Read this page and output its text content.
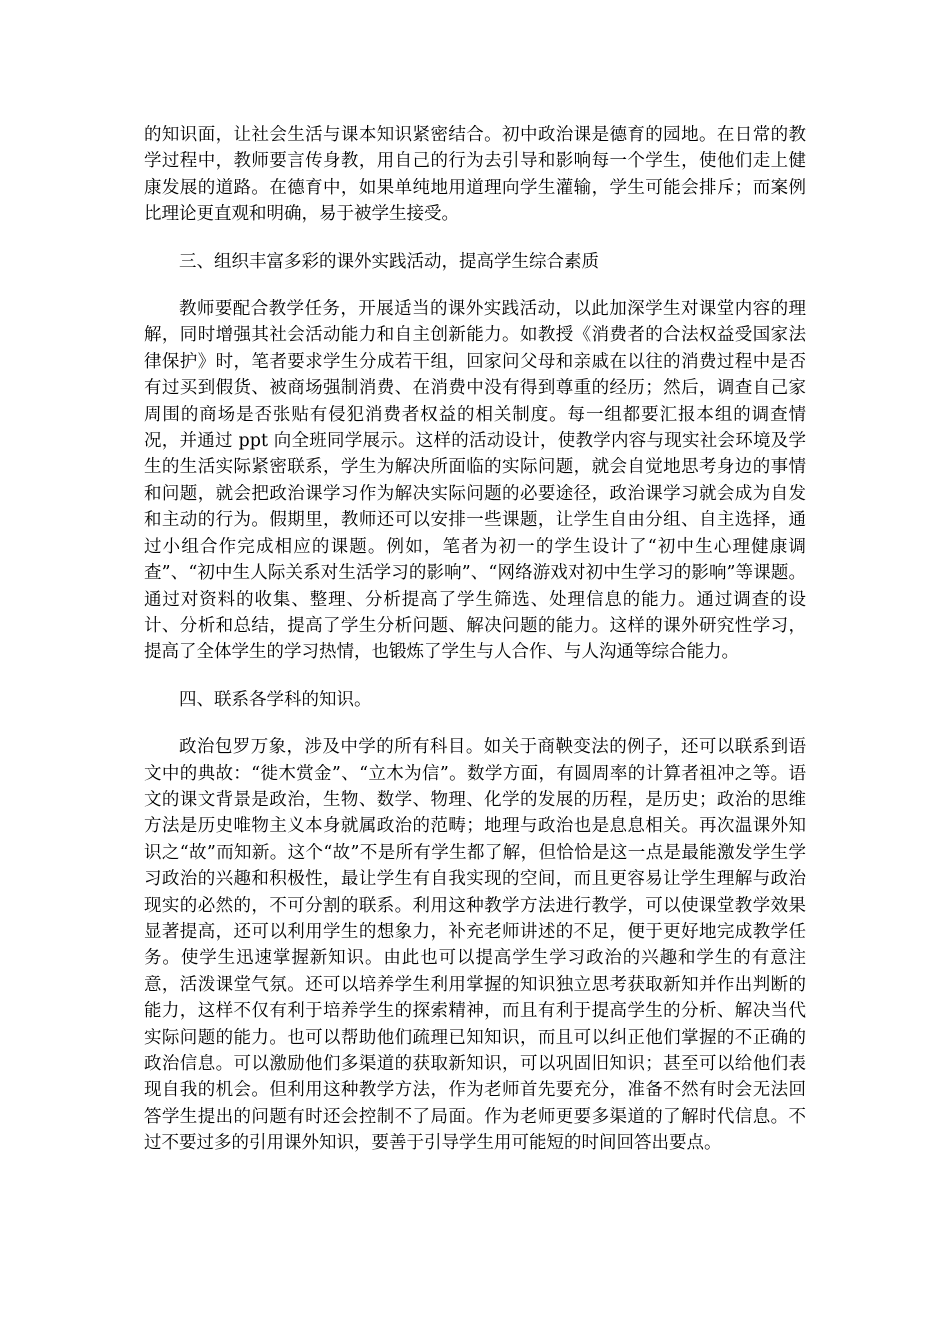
的知识面，让社会生活与课本知识紧密结合。初中政治课是德育的园地。在日常的教学过程中，教师要言传身教，用自己的行为去引导和影响每一个学生，使他们走上健康发展的道路。在德育中，如果单纯地用道理向学生灌输，学生可能会排斥；而案例比理论更直观和明确，易于被学生接受。

三、组织丰富多彩的课外实践活动，提高学生综合素质

教师要配合教学任务，开展适当的课外实践活动，以此加深学生对课堂内容的理解，同时增强其社会活动能力和自主创新能力。如教授《消费者的合法权益受国家法律保护》时，笔者要求学生分成若干组，回家问父母和亲戚在以往的消费过程中是否有过买到假货、被商场强制消费、在消费中没有得到尊重的经历；然后，调查自己家周围的商场是否张贴有侵犯消费者权益的相关制度。每一组都要汇报本组的调查情况，并通过 ppt 向全班同学展示。这样的活动设计，使教学内容与现实社会环境及学生的生活实际紧密联系，学生为解决所面临的实际问题，就会自觉地思考身边的事情和问题，就会把政治课学习作为解决实际问题的必要途径，政治课学习就会成为自发和主动的行为。假期里，教师还可以安排一些课题，让学生自由分组、自主选择，通过小组合作完成相应的课题。例如，笔者为初一的学生设计了“初中生心理健康调查”、“初中生人际关系对生活学习的影响”、“网络游戏对初中生学习的影响”等课题。通过对资料的收集、整理、分析提高了学生筛选、处理信息的能力。通过调查的设计、分析和总结，提高了学生分析问题、解决问题的能力。这样的课外研究性学习，提高了全体学生的学习热情，也锻炼了学生与人合作、与人沟通等综合能力。

四、联系各学科的知识。

政治包罗万象，涉及中学的所有科目。如关于商鞅变法的例子，还可以联系到语文中的典故：“徙木赏金”、“立木为信”。数学方面，有圆周率的计算者祖冲之等。语文的课文背景是政治，生物、数学、物理、化学的发展的历程，是历史；政治的思维方法是历史唯物主义本身就属政治的范畴；地理与政治也是息息相关。再次温课外知识之“故”而知新。这个“故”不是所有学生都了解，但恰恰是这一点是最能激发学生学习政治的兴趣和积极性，最让学生有自我实现的空间，而且更容易让学生理解与政治现实的必然的，不可分割的联系。利用这种教学方法进行教学，可以使课堂教学效果显著提高，还可以利用学生的想象力，补充老师讲述的不足，便于更好地完成教学任务。使学生迅速掌握新知识。由此也可以提高学生学习政治的兴趣和学生的有意注意，活泼课堂气氛。还可以培养学生利用掌握的知识独立思考获取新知并作出判断的能力，这样不仅有利于培养学生的探索精神，而且有利于提高学生的分析、解决当代实际问题的能力。也可以帮助他们疏理已知知识，而且可以纠正他们掌握的不正确的政治信息。可以激励他们多渠道的获取新知识，可以巩固旧知识；甚至可以给他们表现自我的机会。但利用这种教学方法，作为老师首先要充分，准备不然有时会无法回答学生提出的问题有时还会控制不了局面。作为老师更要多渠道的了解时代信息。不过不要过多的引用课外知识，要善于引导学生用可能短的时间回答出要点。
